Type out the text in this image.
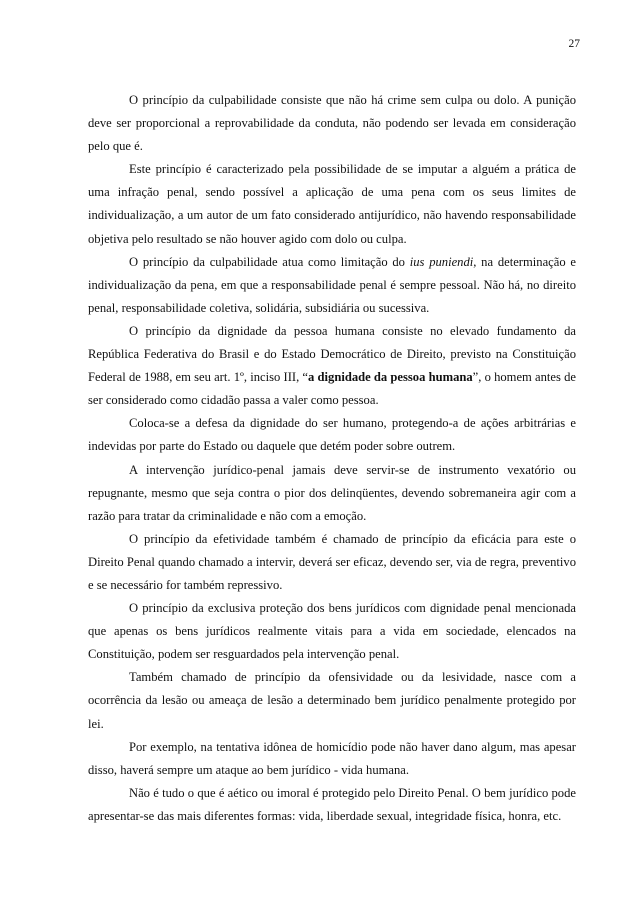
27

O princípio da culpabilidade consiste que não há crime sem culpa ou dolo. A punição deve ser proporcional a reprovabilidade da conduta, não podendo ser levada em consideração pelo que é.

Este princípio é caracterizado pela possibilidade de se imputar a alguém a prática de uma infração penal, sendo possível a aplicação de uma pena com os seus limites de individualização, a um autor de um fato considerado antijurídico, não havendo responsabilidade objetiva pelo resultado se não houver agido com dolo ou culpa.

O princípio da culpabilidade atua como limitação do ius puniendi, na determinação e individualização da pena, em que a responsabilidade penal é sempre pessoal. Não há, no direito penal, responsabilidade coletiva, solidária, subsidiária ou sucessiva.

O princípio da dignidade da pessoa humana consiste no elevado fundamento da República Federativa do Brasil e do Estado Democrático de Direito, previsto na Constituição Federal de 1988, em seu art. 1º, inciso III, “a dignidade da pessoa humana”, o homem antes de ser considerado como cidadão passa a valer como pessoa.

Coloca-se a defesa da dignidade do ser humano, protegendo-a de ações arbitrárias e indevidas por parte do Estado ou daquele que detém poder sobre outrem.

A intervenção jurídico-penal jamais deve servir-se de instrumento vexatório ou repugnante, mesmo que seja contra o pior dos delinqüentes, devendo sobremaneira agir com a razão para tratar da criminalidade e não com a emoção.

O princípio da efetividade também é chamado de princípio da eficácia para este o Direito Penal quando chamado a intervir, deverá ser eficaz, devendo ser, via de regra, preventivo e se necessário for também repressivo.

O princípio da exclusiva proteção dos bens jurídicos com dignidade penal mencionada que apenas os bens jurídicos realmente vitais para a vida em sociedade, elencados na Constituição, podem ser resguardados pela intervenção penal.

Também chamado de princípio da ofensividade ou da lesividade, nasce com a ocorrência da lesão ou ameaça de lesão a determinado bem jurídico penalmente protegido por lei.

Por exemplo, na tentativa idônea de homicídio pode não haver dano algum, mas apesar disso, haverá sempre um ataque ao bem jurídico - vida humana.

Não é tudo o que é aético ou imoral é protegido pelo Direito Penal. O bem jurídico pode apresentar-se das mais diferentes formas: vida, liberdade sexual, integridade física, honra, etc.
